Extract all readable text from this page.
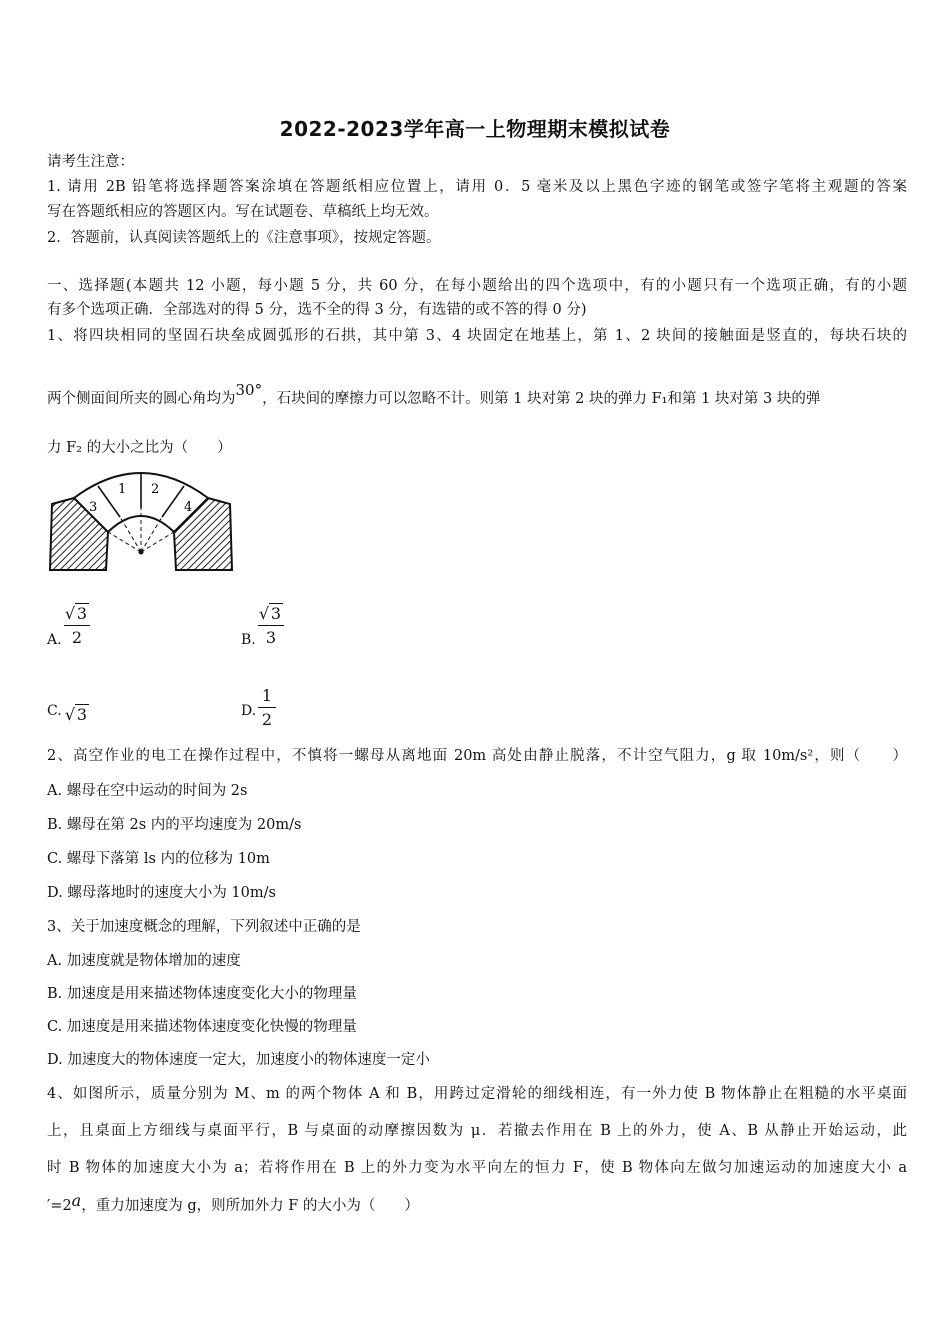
2022-2023学年高一上物理期末模拟试卷
请考生注意：
1. 请用 2B 铅笔将选择题答案涂填在答题纸相应位置上，请用 0．5 毫米及以上黑色字迹的钢笔或签字笔将主观题的答案
写在答题纸相应的答题区内。写在试题卷、草稿纸上均无效。
2．答题前，认真阅读答题纸上的《注意事项》，按规定答题。
一、选择题(本题共 12 小题，每小题 5 分，共 60 分，在每小题给出的四个选项中，有的小题只有一个选项正确，有的小题
有多个选项正确．全部选对的得 5 分，选不全的得 3 分，有选错的或不答的得 0 分)
1、将四块相同的坚固石块垒成圆弧形的石拱，其中第 3、4 块固定在地基上，第 1、2 块间的接触面是竖直的，每块石块的
两个侧面间所夹的圆心角均为30°，石块间的摩擦力可以忽略不计。则第 1 块对第 2 块的弹力 F₁和第 1 块对第 3 块的弹
力 F₂ 的大小之比为（　　）
3
1 2
4
A.
√ 3
2	B.
√ 3
3
C. √ 3	D.
1
2
2、高空作业的电工在操作过程中，不慎将一螺母从离地面 20m 高处由静止脱落，不计空气阻力，g 取 10m/s²，则（　　）
A. 螺母在空中运动的时间为 2s
B. 螺母在第 2s 内的平均速度为 20m/s
C. 螺母下落第 ls 内的位移为 10m
D. 螺母落地时的速度大小为 10m/s
3、关于加速度概念的理解，下列叙述中正确的是
A. 加速度就是物体增加的速度
B. 加速度是用来描述物体速度变化大小的物理量
C. 加速度是用来描述物体速度变化快慢的物理量
D. 加速度大的物体速度一定大，加速度小的物体速度一定小
4、如图所示，质量分别为 M、m 的两个物体 A 和 B，用跨过定滑轮的细线相连，有一外力使 B 物体静止在粗糙的水平桌面
上，且桌面上方细线与桌面平行，B 与桌面的动摩擦因数为 μ．若撤去作用在 B 上的外力，使 A、B 从静止开始运动，此
时 B 物体的加速度大小为 a；若将作用在 B 上的外力变为水平向左的恒力 F，使 B 物体向左做匀加速运动的加速度大小 a
′=2a，重力加速度为 g，则所加外力 F 的大小为（　　）
